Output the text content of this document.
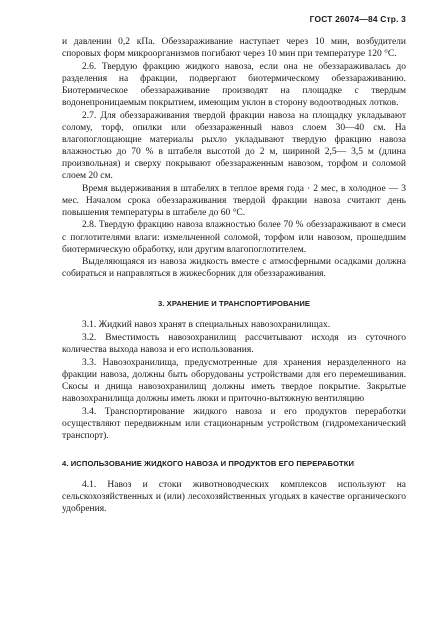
ГОСТ 26074—84 Стр. 3

и давлении 0,2 кПа. Обеззараживание наступает через 10 мин, возбудители споровых форм микроорганизмов погибают через 10 мин при температуре 120 °С.

2.6. Твердую фракцию жидкого навоза, если она не обеззараживалась до разделения на фракции, подвергают биотермическому обеззараживанию. Биотермическое обеззараживание производят на площадке с твердым водонепроницаемым покрытием, имеющим уклон в сторону водоотводных лотков.

2.7. Для обеззараживания твердой фракции навоза на площадку укладывают солому, торф, опилки или обеззараженный навоз слоем 30—40 см. На влагопоглощающие материалы рыхло укладывают твердую фракцию навоза влажностью до 70 % в штабеля высотой до 2 м, шириной 2,5— 3,5 м (длина произвольная) и сверху покрывают обеззараженным навозом, торфом и соломой слоем 20 см.

Время выдерживания в штабелях в теплое время года · 2 мес, в холодное — 3 мес. Началом срока обеззараживания твердой фракции навоза считают день повышения температуры в штабеле до 60 °С.

2.8. Твердую фракцию навоза влажностью более 70 % обеззараживают в смеси с поглотителями влаги: измельченной соломой, торфом или навозом, прошедшим биотермическую обработку, или другим влагопоглотителем.

Выделяющаяся из навоза жидкость вместе с атмосферными осадками должна собираться и направляться в жижесборник для обеззараживания.

3. ХРАНЕНИЕ И ТРАНСПОРТИРОВАНИЕ

3.1. Жидкий навоз хранят в специальных навозохранилищах.

3.2. Вместимость навозохранилищ рассчитывают исходя из суточного количества выхода навоза и его использования.

3.3. Навозохранилища, предусмотренные для хранения неразделенного на фракции навоза, должны быть оборудованы устройствами для его перемешивания. Скосы и днища навозохранилищ должны иметь твердое покрытие. Закрытые навозохранилища должны иметь люки и приточно-вытяжную вентиляцию

3.4. Транспортирование жидкого навоза и его продуктов переработки осуществляют передвижным или стационарным устройством (гидромеханический транспорт).

4. ИСПОЛЬЗОВАНИЕ ЖИДКОГО НАВОЗА И ПРОДУКТОВ ЕГО ПЕРЕРАБОТКИ

4.1. Навоз и стоки животноводческих комплексов используют на сельскохозяйственных и (или) лесохозяйственных угодьях в качестве органического удобрения.
